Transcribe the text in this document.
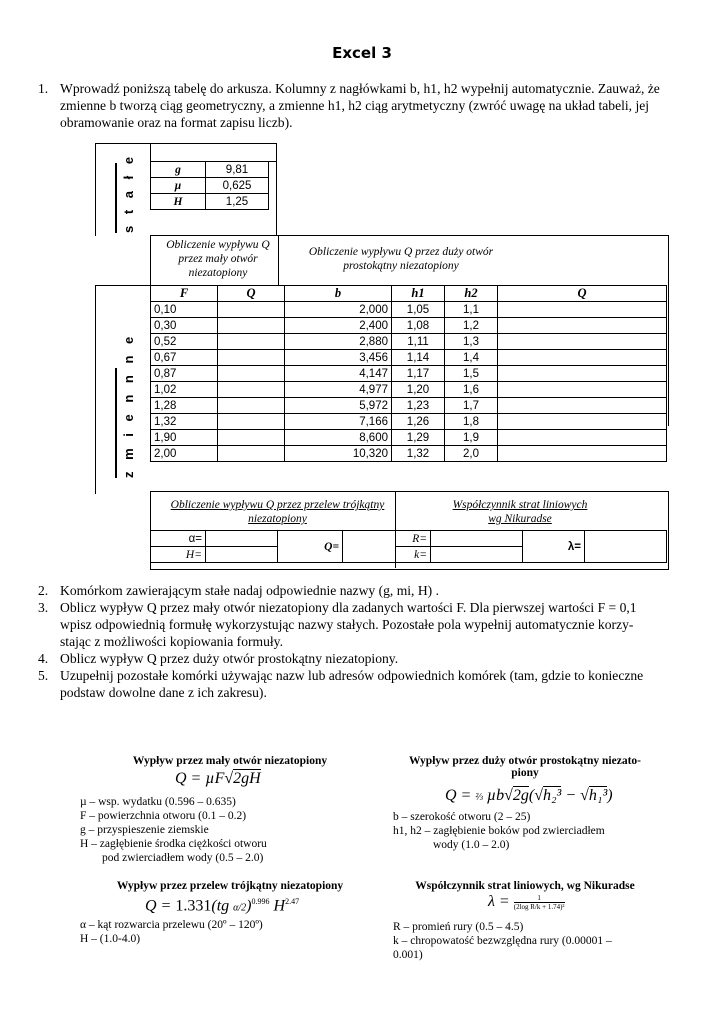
Excel 3
1. Wprowadź poniższą tabelę do arkusza. Kolumny z nagłówkami b, h1, h2 wypełnij automatycznie. Zauważ, że
zmienne b tworzą ciąg geometryczny, a zmienne h1, h2 ciąg arytmetyczny (zwróć uwagę na układ tabeli, jej
obramowanie oraz na format zapisu liczb).
s t a ł e	g	9,81
µ	0,625
H	1,25
Obliczenie wypływu Q przez mały otwór niezatopiony
Obliczenie wypływu Q przez duży otwór prostokątny niezatopiony
z m i e n n n e
F	Q	b	h1	h2	Q
0,10		2,000	1,05	1,1	
0,30		2,400	1,08	1,2	
0,52		2,880	1,11	1,3	
0,67		3,456	1,14	1,4	
0,87		4,147	1,17	1,5	
1,02		4,977	1,20	1,6	
1,28		5,972	1,23	1,7	
1,32		7,166	1,26	1,8	
1,90		8,600	1,29	1,9	
2,00		10,320	1,32	2,0	
Obliczenie wypływu Q przez przelew trójkątny niezatopiony
Współczynnik strat liniowych wg Nikuradse
α=		Q=	
H=			
R=		λ=	
k=			
2. Komórkom zawierającym stałe nadaj odpowiednie nazwy (g, mi, H) .
3. Oblicz wypływ Q przez mały otwór niezatopiony dla zadanych wartości F. Dla pierwszej wartości F = 0,1
wpisz odpowiednią formułę wykorzystując nazwy stałych. Pozostałe pola wypełnij automatycznie korzy-
stając z możliwości kopiowania formuły.
4. Oblicz wypływ Q przez duży otwór prostokątny niezatopiony.
5. Uzupełnij pozostałe komórki używając nazw lub adresów odpowiednich komórek (tam, gdzie to konieczne
podstaw dowolne dane z ich zakresu).
Wypływ przez mały otwór niezatopiony
Q = µF√2gH
µ – wsp. wydatku (0.596 – 0.635)
F – powierzchnia otworu (0.1 – 0.2)
g – przyspieszenie ziemskie
H – zagłębienie środka ciężkości otworu
pod zwierciadłem wody (0.5 – 2.0)
Wypływ przez duży otwór prostokątny niezato-
piony
Q = ⅔ µb√2g(√h₂³ − √h₁³)
b – szerokość otworu (2 – 25)
h1, h2 – zagłębienie boków pod zwierciadłem
wody (1.0 – 2.0)
Wypływ przez przelew trójkątny niezatopiony
Q = 1.331(tg α/2)$^{0.996}$ $H^{2.47}$
α – kąt rozwarcia przelewu (20º – 120º)
H – (1.0-4.0)
Współczynnik strat liniowych, wg Nikuradse
$\lambda = \frac{1}{\text{(2log R/k + 1.74)²}}$
R – promień rury (0.5 – 4.5)
k – chropowatość bezwzględna rury (0.00001 –
0.001)
